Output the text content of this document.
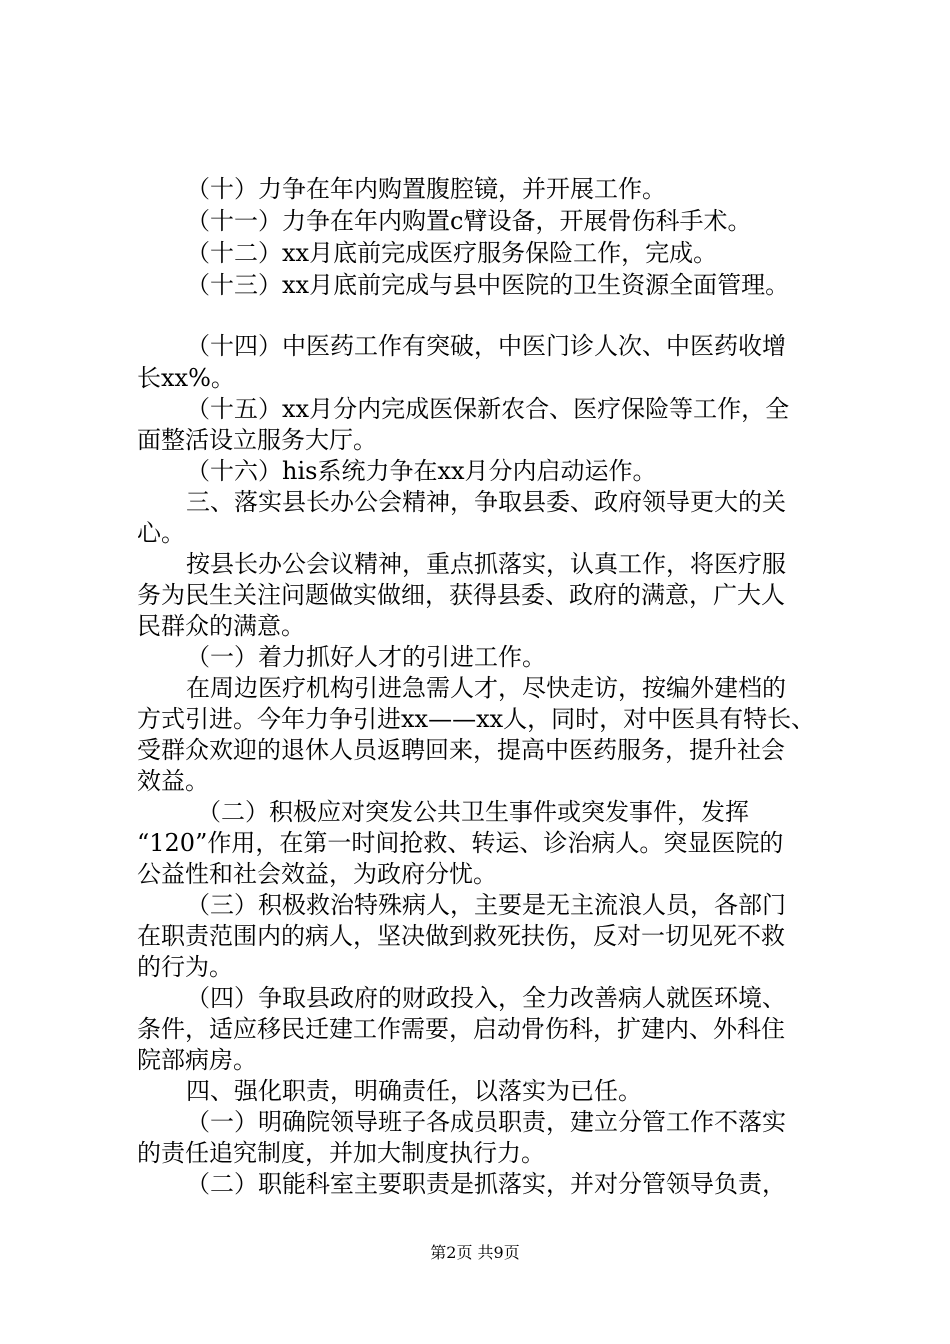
（十）力争在年内购置腹腔镜，并开展工作。
（十一）力争在年内购置c臂设备，开展骨伤科手术。
（十二）xx月底前完成医疗服务保险工作，完成。
（十三）xx月底前完成与县中医院的卫生资源全面管理。
（十四）中医药工作有突破，中医门诊人次、中医药收增
长xx%。
（十五）xx月分内完成医保新农合、医疗保险等工作，全
面整活设立服务大厅。
（十六）his系统力争在xx月分内启动运作。
三、落实县长办公会精神，争取县委、政府领导更大的关
心。
按县长办公会议精神，重点抓落实，认真工作，将医疗服
务为民生关注问题做实做细，获得县委、政府的满意，广大人
民群众的满意。
（一）着力抓好人才的引进工作。
在周边医疗机构引进急需人才，尽快走访，按编外建档的
方式引进。今年力争引进xx——xx人，同时，对中医具有特长、
受群众欢迎的退休人员返聘回来，提高中医药服务，提升社会
效益。
（二）积极应对突发公共卫生事件或突发事件，发挥
“120”作用，在第一时间抢救、转运、诊治病人。突显医院的
公益性和社会效益，为政府分忧。
（三）积极救治特殊病人，主要是无主流浪人员，各部门
在职责范围内的病人，坚决做到救死扶伤，反对一切见死不救
的行为。
（四）争取县政府的财政投入，全力改善病人就医环境、
条件，适应移民迁建工作需要，启动骨伤科，扩建内、外科住
院部病房。
四、强化职责，明确责任，以落实为已任。
（一）明确院领导班子各成员职责，建立分管工作不落实
的责任追究制度，并加大制度执行力。
（二）职能科室主要职责是抓落实，并对分管领导负责，
第2页 共9页
